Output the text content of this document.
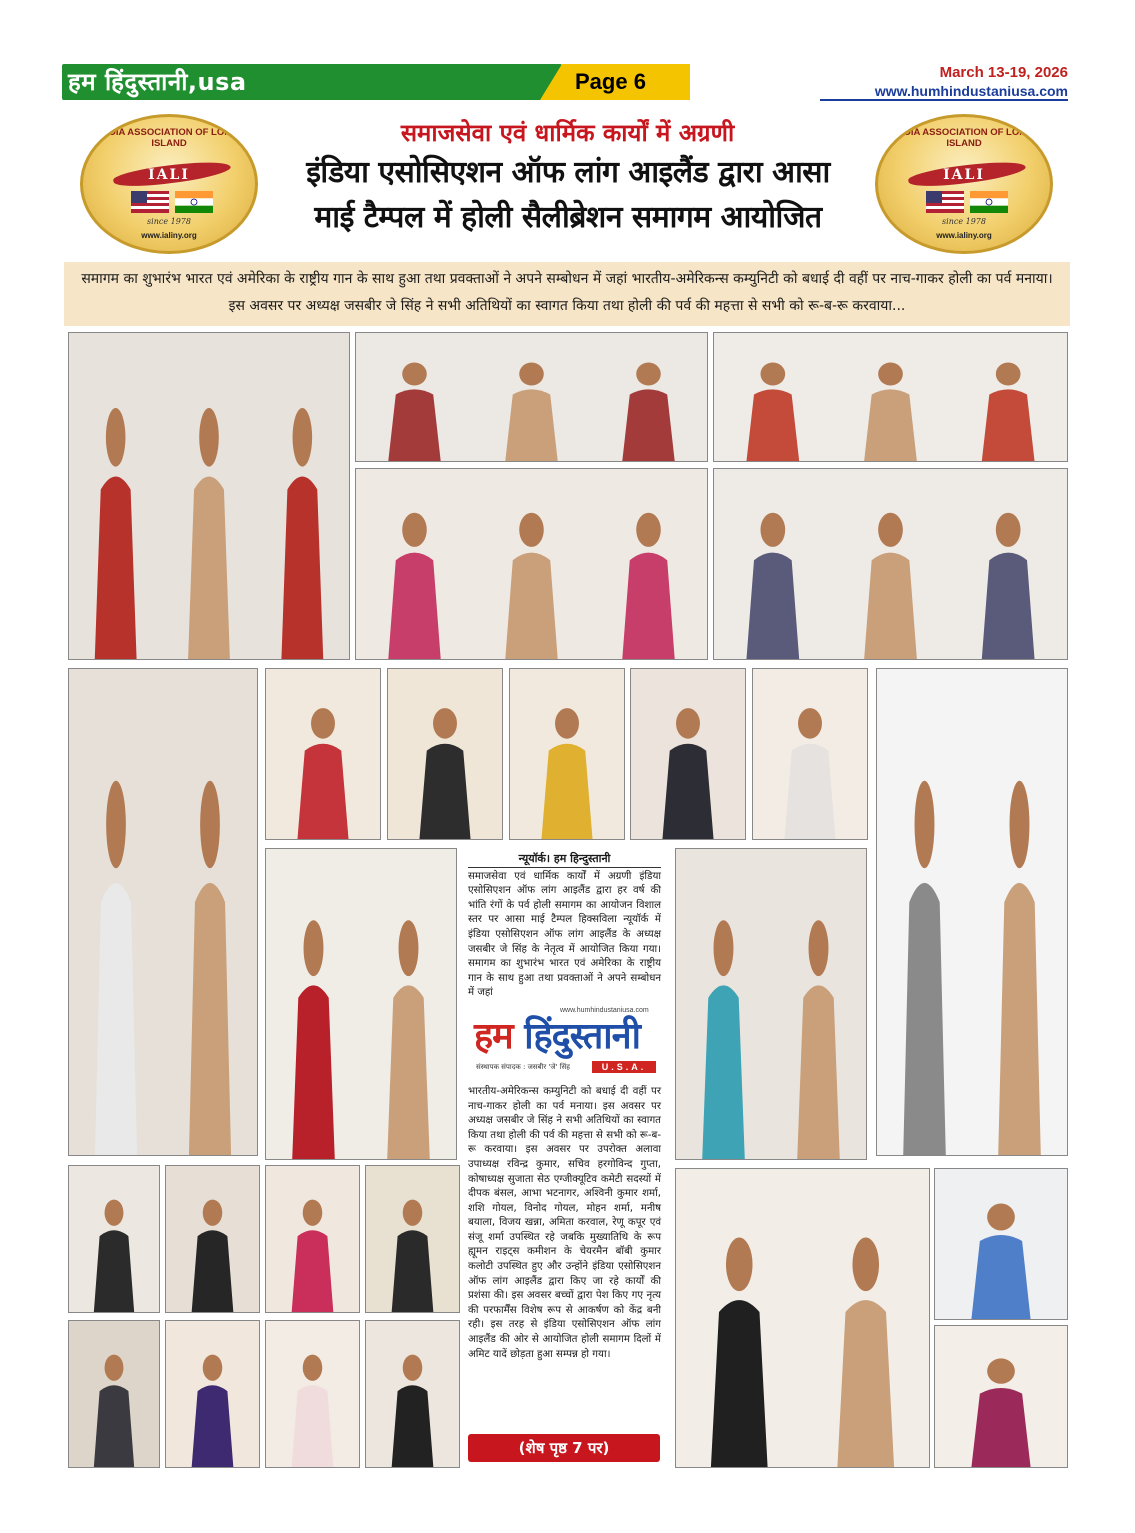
हम हिंदुस्तानी,usa	Page 6	March 13-19, 2026
www.humhindustaniusa.com
INDIA ASSOCIATION OF LONG ISLAND
IALI
since 1978
www.ialiny.org
INDIA ASSOCIATION OF LONG ISLAND
IALI
since 1978
www.ialiny.org
समाजसेवा एवं धार्मिक कार्यों में अग्रणी
इंडिया एसोसिएशन ऑफ लांग आइलैंड द्वारा आसा
माई टैम्पल में होली सैलीब्रेशन समागम आयोजित
समागम का शुभारंभ भारत एवं अमेरिका के राष्ट्रीय गान के साथ हुआ तथा प्रवक्ताओं ने अपने सम्बोधन में जहां भारतीय-अमेरिकन्स कम्युनिटी को बधाई दी वहीं पर नाच-गाकर होली का पर्व मनाया। इस अवसर पर अध्यक्ष जसबीर जे सिंह ने सभी अतिथियों का स्वागत किया तथा होली की पर्व की महत्ता से सभी को रू-ब-रू करवाया...
न्यूयॉर्क। हम हिन्दुस्तानी
समाजसेवा एवं धार्मिक कार्यों में अग्रणी इंडिया एसोसिएशन ऑफ लांग आइलैंड द्वारा हर वर्ष की भांति रंगों के पर्व होली समागम का आयोजन विशाल स्तर पर आसा माई टैम्पल हिक्सविला न्यूयॉर्क में इंडिया एसोसिएशन ऑफ लांग आइलैंड के अध्यक्ष जसबीर जे सिंह के नेतृत्व में आयोजित किया गया। समागम का शुभारंभ भारत एवं अमेरिका के राष्ट्रीय गान के साथ हुआ तथा प्रवक्ताओं ने अपने सम्बोधन में जहां
www.humhindustaniusa.com
हम हिंदुस्तानी
संस्थापक संपादक : जसबीर 'जे' सिंह	U.S.A.
भारतीय-अमेरिकन्स कम्युनिटी को बधाई दी वहीं पर नाच-गाकर होली का पर्व मनाया। इस अवसर पर अध्यक्ष जसबीर जे सिंह ने सभी अतिथियों का स्वागत किया तथा होली की पर्व की महत्ता से सभी को रू-ब-रू करवाया। इस अवसर पर उपरोक्त अलावा उपाध्यक्ष रविन्द्र कुमार, सचिव हरगोविन्द गुप्ता, कोषाध्यक्ष सुजाता सेठ एग्जीक्यूटिव कमेटी सदस्यों में दीपक बंसल, आभा भटनागर, अश्विनी कुमार शर्मा, शशि गोयल, विनोद गोयल, मोहन शर्मा, मनीष बयाला, विजय खन्ना, अमिता करवाल, रेणू कपूर एवं संजू शर्मा उपस्थित रहे जबकि मुख्यातिथि के रूप ह्यूमन राइट्स कमीशन के चेयरमैन बॉबी कुमार कलोटी उपस्थित हुए और उन्होंने इंडिया एसोसिएशन ऑफ लांग आइलैंड द्वारा किए जा रहे कार्यों की प्रशंसा की। इस अवसर बच्चों द्वारा पेश किए गए नृत्य की परफार्मैंस विशेष रूप से आकर्षण को केंद्र बनी रही। इस तरह से इंडिया एसोसिएशन ऑफ लांग आइलैंड की ओर से आयोजित होली समागम दिलों में अमिट यादें छोड़ता हुआ सम्पन्न हो गया।
(शेष पृष्ठ 7 पर)
